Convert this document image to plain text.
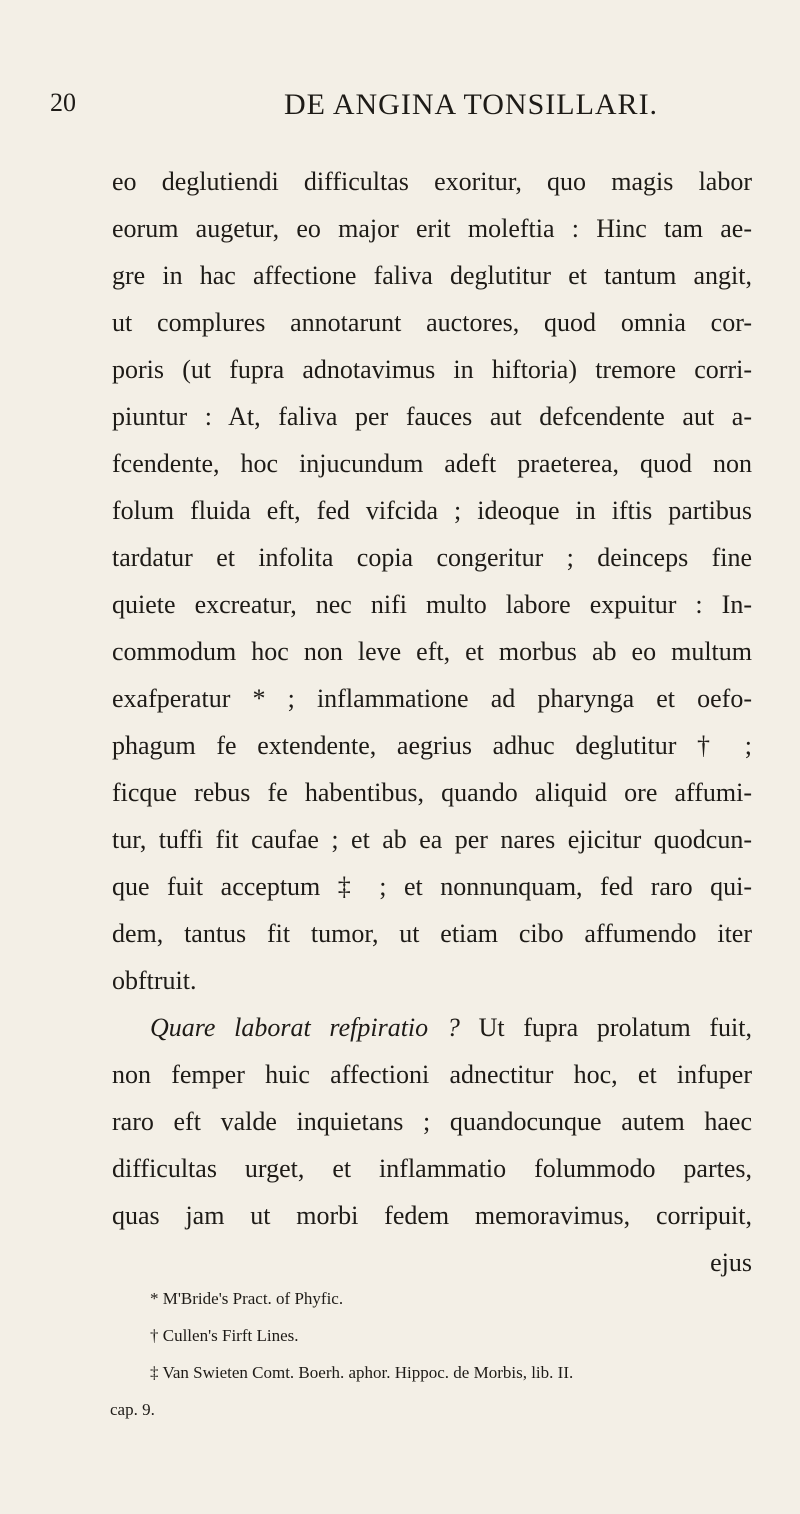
20	DE ANGINA TONSILLARI.
eo deglutiendi difficultas exoritur, quo magis labor
eorum augetur, eo major erit moleftia : Hinc tam ae-
gre in hac affectione faliva deglutitur et tantum angit,
ut complures annotarunt auctores, quod omnia cor-
poris (ut fupra adnotavimus in hiftoria) tremore corri-
piuntur : At, faliva per fauces aut defcendente aut a-
fcendente, hoc injucundum adeft praeterea, quod non
folum fluida eft, fed vifcida ; ideoque in iftis partibus
tardatur et infolita copia congeritur ; deinceps fine
quiete excreatur, nec nifi multo labore expuitur : In-
commodum hoc non leve eft, et morbus ab eo multum
exafperatur * ; inflammatione ad pharynga et oefo-
phagum fe extendente, aegrius adhuc deglutitur † ;
ficque rebus fe habentibus, quando aliquid ore affumi-
tur, tuffi fit caufae ; et ab ea per nares ejicitur quodcun-
que fuit acceptum ‡ ; et nonnunquam, fed raro qui-
dem, tantus fit tumor, ut etiam cibo affumendo iter
obftruit.
Quare laborat refpiratio ? Ut fupra prolatum fuit,
non femper huic affectioni adnectitur hoc, et infuper
raro eft valde inquietans ; quandocunque autem haec
difficultas urget, et inflammatio folummodo partes,
quas jam ut morbi fedem memoravimus, corripuit,
ejus
* M'Bride's Pract. of Phyfic.
† Cullen's Firft Lines.
‡ Van Swieten Comt. Boerh. aphor. Hippoc. de Morbis, lib. II.
cap. 9.
